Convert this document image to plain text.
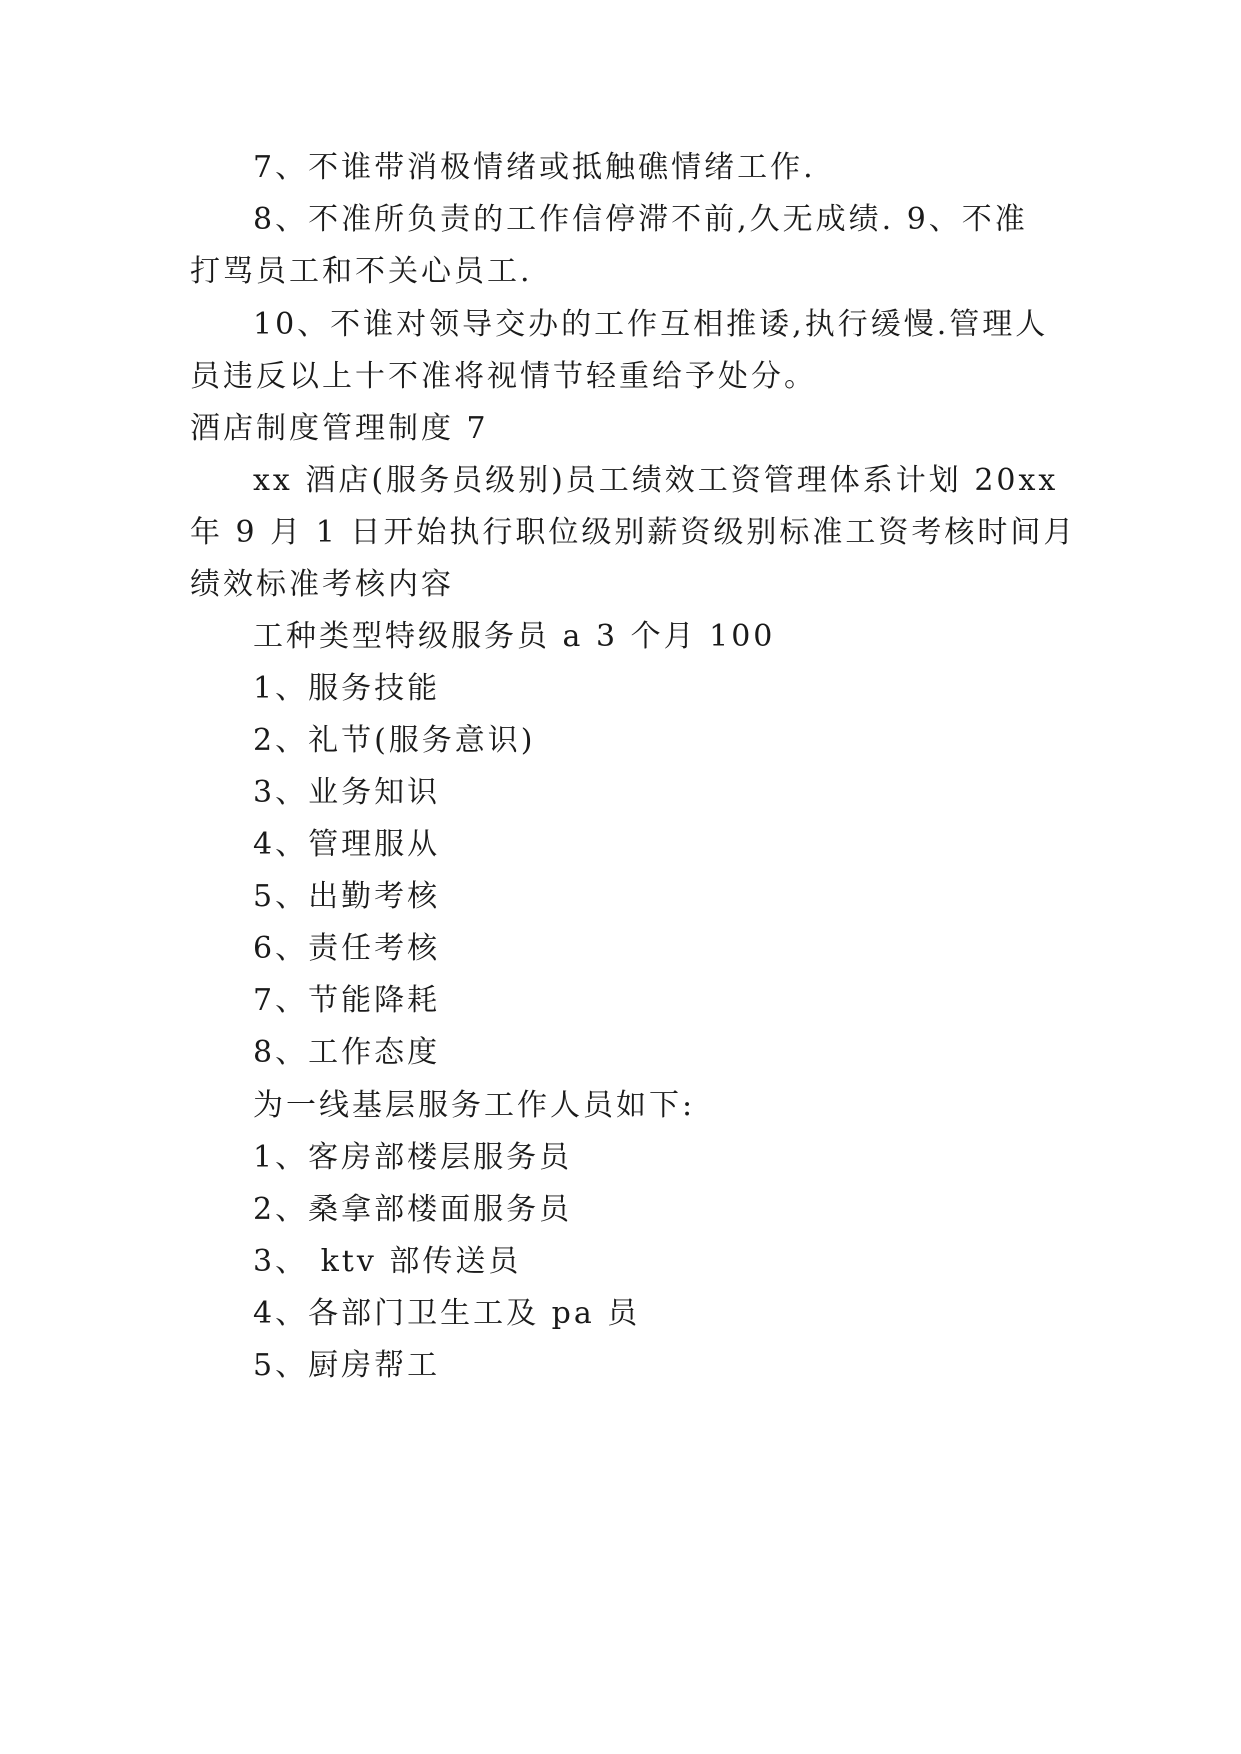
7、不谁带消极情绪或抵触礁情绪工作.
8、不准所负责的工作信停滞不前,久无成绩. 9、不准
打骂员工和不关心员工.
10、不谁对领导交办的工作互相推诿,执行缓慢.管理人
员违反以上十不准将视情节轻重给予处分。
酒店制度管理制度 7
xx 酒店(服务员级别)员工绩效工资管理体系计划 20xx
年 9 月 1 日开始执行职位级别薪资级别标准工资考核时间月
绩效标准考核内容
工种类型特级服务员 a 3 个月 100
1、服务技能
2、礼节(服务意识)
3、业务知识
4、管理服从
5、出勤考核
6、责任考核
7、节能降耗
8、工作态度
为一线基层服务工作人员如下:
1、客房部楼层服务员
2、桑拿部楼面服务员
3、 ktv 部传送员
4、各部门卫生工及 pa 员
5、厨房帮工
